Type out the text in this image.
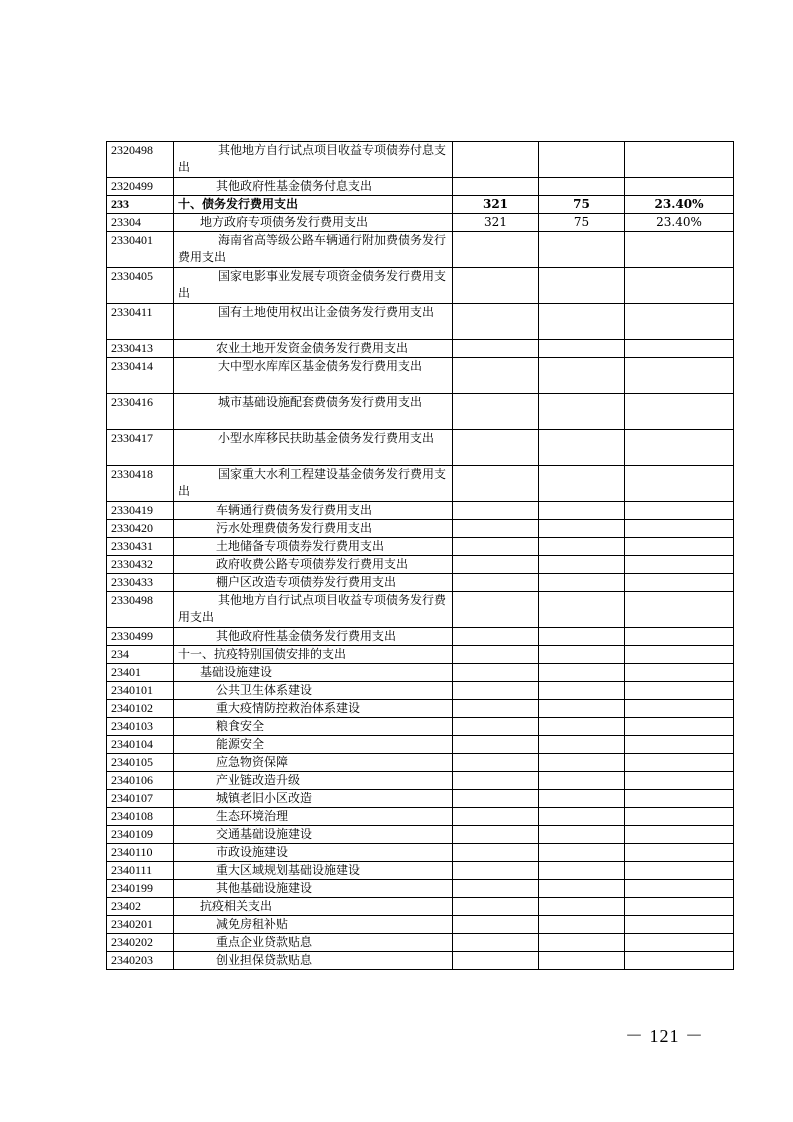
2320498	其他地方自行试点项目收益专项债券付息支出			
2320499	其他政府性基金债务付息支出			
233	十、债务发行费用支出	321	75	23.40%
23304	地方政府专项债务发行费用支出	321	75	23.40%
2330401	海南省高等级公路车辆通行附加费债务发行费用支出			
2330405	国家电影事业发展专项资金债务发行费用支出			
2330411	国有土地使用权出让金债务发行费用支出			
2330413	农业土地开发资金债务发行费用支出			
2330414	大中型水库库区基金债务发行费用支出			
2330416	城市基础设施配套费债务发行费用支出			
2330417	小型水库移民扶助基金债务发行费用支出			
2330418	国家重大水利工程建设基金债务发行费用支出			
2330419	车辆通行费债务发行费用支出			
2330420	污水处理费债务发行费用支出			
2330431	土地储备专项债券发行费用支出			
2330432	政府收费公路专项债券发行费用支出			
2330433	棚户区改造专项债券发行费用支出			
2330498	其他地方自行试点项目收益专项债务发行费用支出			
2330499	其他政府性基金债务发行费用支出			
234	十一、抗疫特别国债安排的支出			
23401	基础设施建设			
2340101	公共卫生体系建设			
2340102	重大疫情防控救治体系建设			
2340103	粮食安全			
2340104	能源安全			
2340105	应急物资保障			
2340106	产业链改造升级			
2340107	城镇老旧小区改造			
2340108	生态环境治理			
2340109	交通基础设施建设			
2340110	市政设施建设			
2340111	重大区域规划基础设施建设			
2340199	其他基础设施建设			
23402	抗疫相关支出			
2340201	减免房租补贴			
2340202	重点企业贷款贴息			
2340203	创业担保贷款贴息			
－ 121 －
